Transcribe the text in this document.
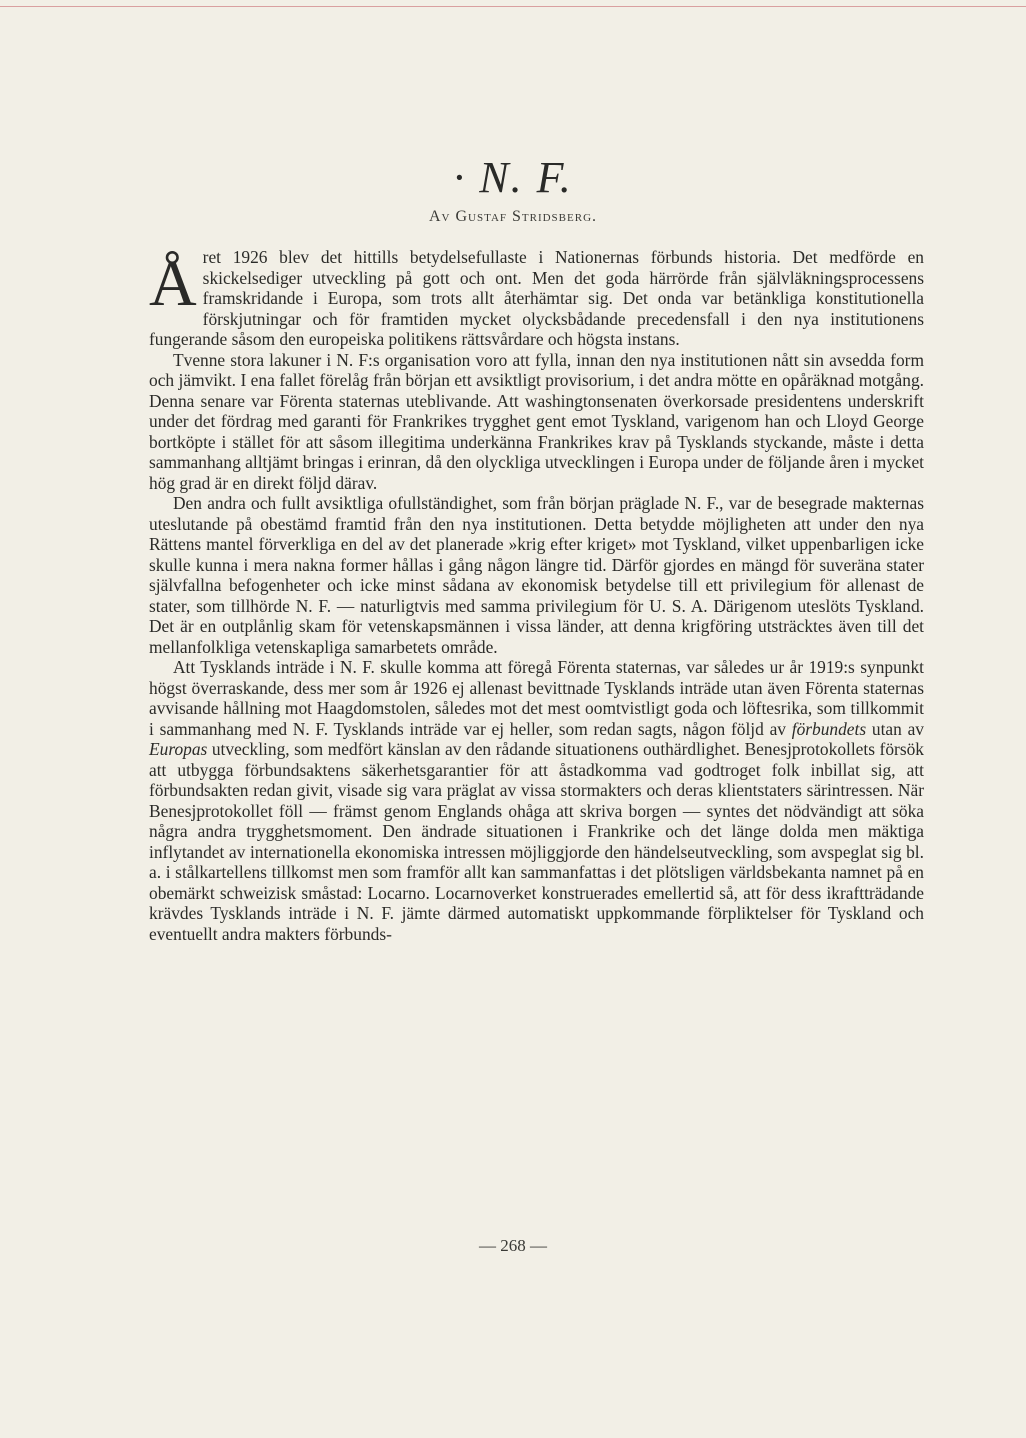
· N. F.
Av Gustaf Stridsberg.

Året 1926 blev det hittills betydelsefullaste i Nationernas förbunds historia. Det medförde en skickelsediger utveckling på gott och ont. Men det goda härrörde från självläkningsprocessens framskridande i Europa, som trots allt återhämtar sig. Det onda var betänkliga konstitutionella förskjutningar och för framtiden mycket olycksbådande precedensfall i den nya institutionens fungerande såsom den europeiska politikens rättsvårdare och högsta instans.

Tvenne stora lakuner i N. F:s organisation voro att fylla, innan den nya institutionen nått sin avsedda form och jämvikt. I ena fallet förelåg från början ett avsiktligt provisorium, i det andra mötte en opåräknad motgång. Denna senare var Förenta staternas uteblivande. Att washingtonsenaten överkorsade presidentens underskrift under det fördrag med garanti för Frankrikes trygghet gent emot Tyskland, varigenom han och Lloyd George bortköpte i stället för att såsom illegitima underkänna Frankrikes krav på Tysklands styckande, måste i detta sammanhang alltjämt bringas i erinran, då den olyckliga utvecklingen i Europa under de följande åren i mycket hög grad är en direkt följd därav.

Den andra och fullt avsiktliga ofullständighet, som från början präglade N. F., var de besegrade makternas uteslutande på obestämd framtid från den nya institutionen. Detta betydde möjligheten att under den nya Rättens mantel förverkliga en del av det planerade »krig efter kriget» mot Tyskland, vilket uppenbarligen icke skulle kunna i mera nakna former hållas i gång någon längre tid. Därför gjordes en mängd för suveräna stater självfallna befogenheter och icke minst sådana av ekonomisk betydelse till ett privilegium för allenast de stater, som tillhörde N. F. — naturligtvis med samma privilegium för U. S. A. Därigenom uteslöts Tyskland. Det är en outplånlig skam för vetenskapsmännen i vissa länder, att denna krigföring utsträcktes även till det mellanfolkliga vetenskapliga samarbetets område.

Att Tysklands inträde i N. F. skulle komma att föregå Förenta staternas, var således ur år 1919:s synpunkt högst överraskande, dess mer som år 1926 ej allenast bevittnade Tysklands inträde utan även Förenta staternas avvisande hållning mot Haagdomstolen, således mot det mest oomtvistligt goda och löftesrika, som tillkommit i sammanhang med N. F. Tysklands inträde var ej heller, som redan sagts, någon följd av förbundets utan av Europas utveckling, som medfört känslan av den rådande situationens outhärdlighet. Benesjprotokollets försök att utbygga förbundsaktens säkerhetsgarantier för att åstadkomma vad godtroget folk inbillat sig, att förbundsakten redan givit, visade sig vara präglat av vissa stormakters och deras klientstaters särintressen. När Benesjprotokollet föll — främst genom Englands ohåga att skriva borgen — syntes det nödvändigt att söka några andra trygghetsmoment. Den ändrade situationen i Frankrike och det länge dolda men mäktiga inflytandet av internationella ekonomiska intressen möjliggjorde den händelseutveckling, som avspeglat sig bl. a. i stålkartellens tillkomst men som framför allt kan sammanfattas i det plötsligen världsbekanta namnet på en obemärkt schweizisk småstad: Locarno. Locarnoverket konstruerades emellertid så, att för dess ikraftträdande krävdes Tysklands inträde i N. F. jämte därmed automatiskt uppkommande förpliktelser för Tyskland och eventuellt andra makters förbunds-

— 268 —
